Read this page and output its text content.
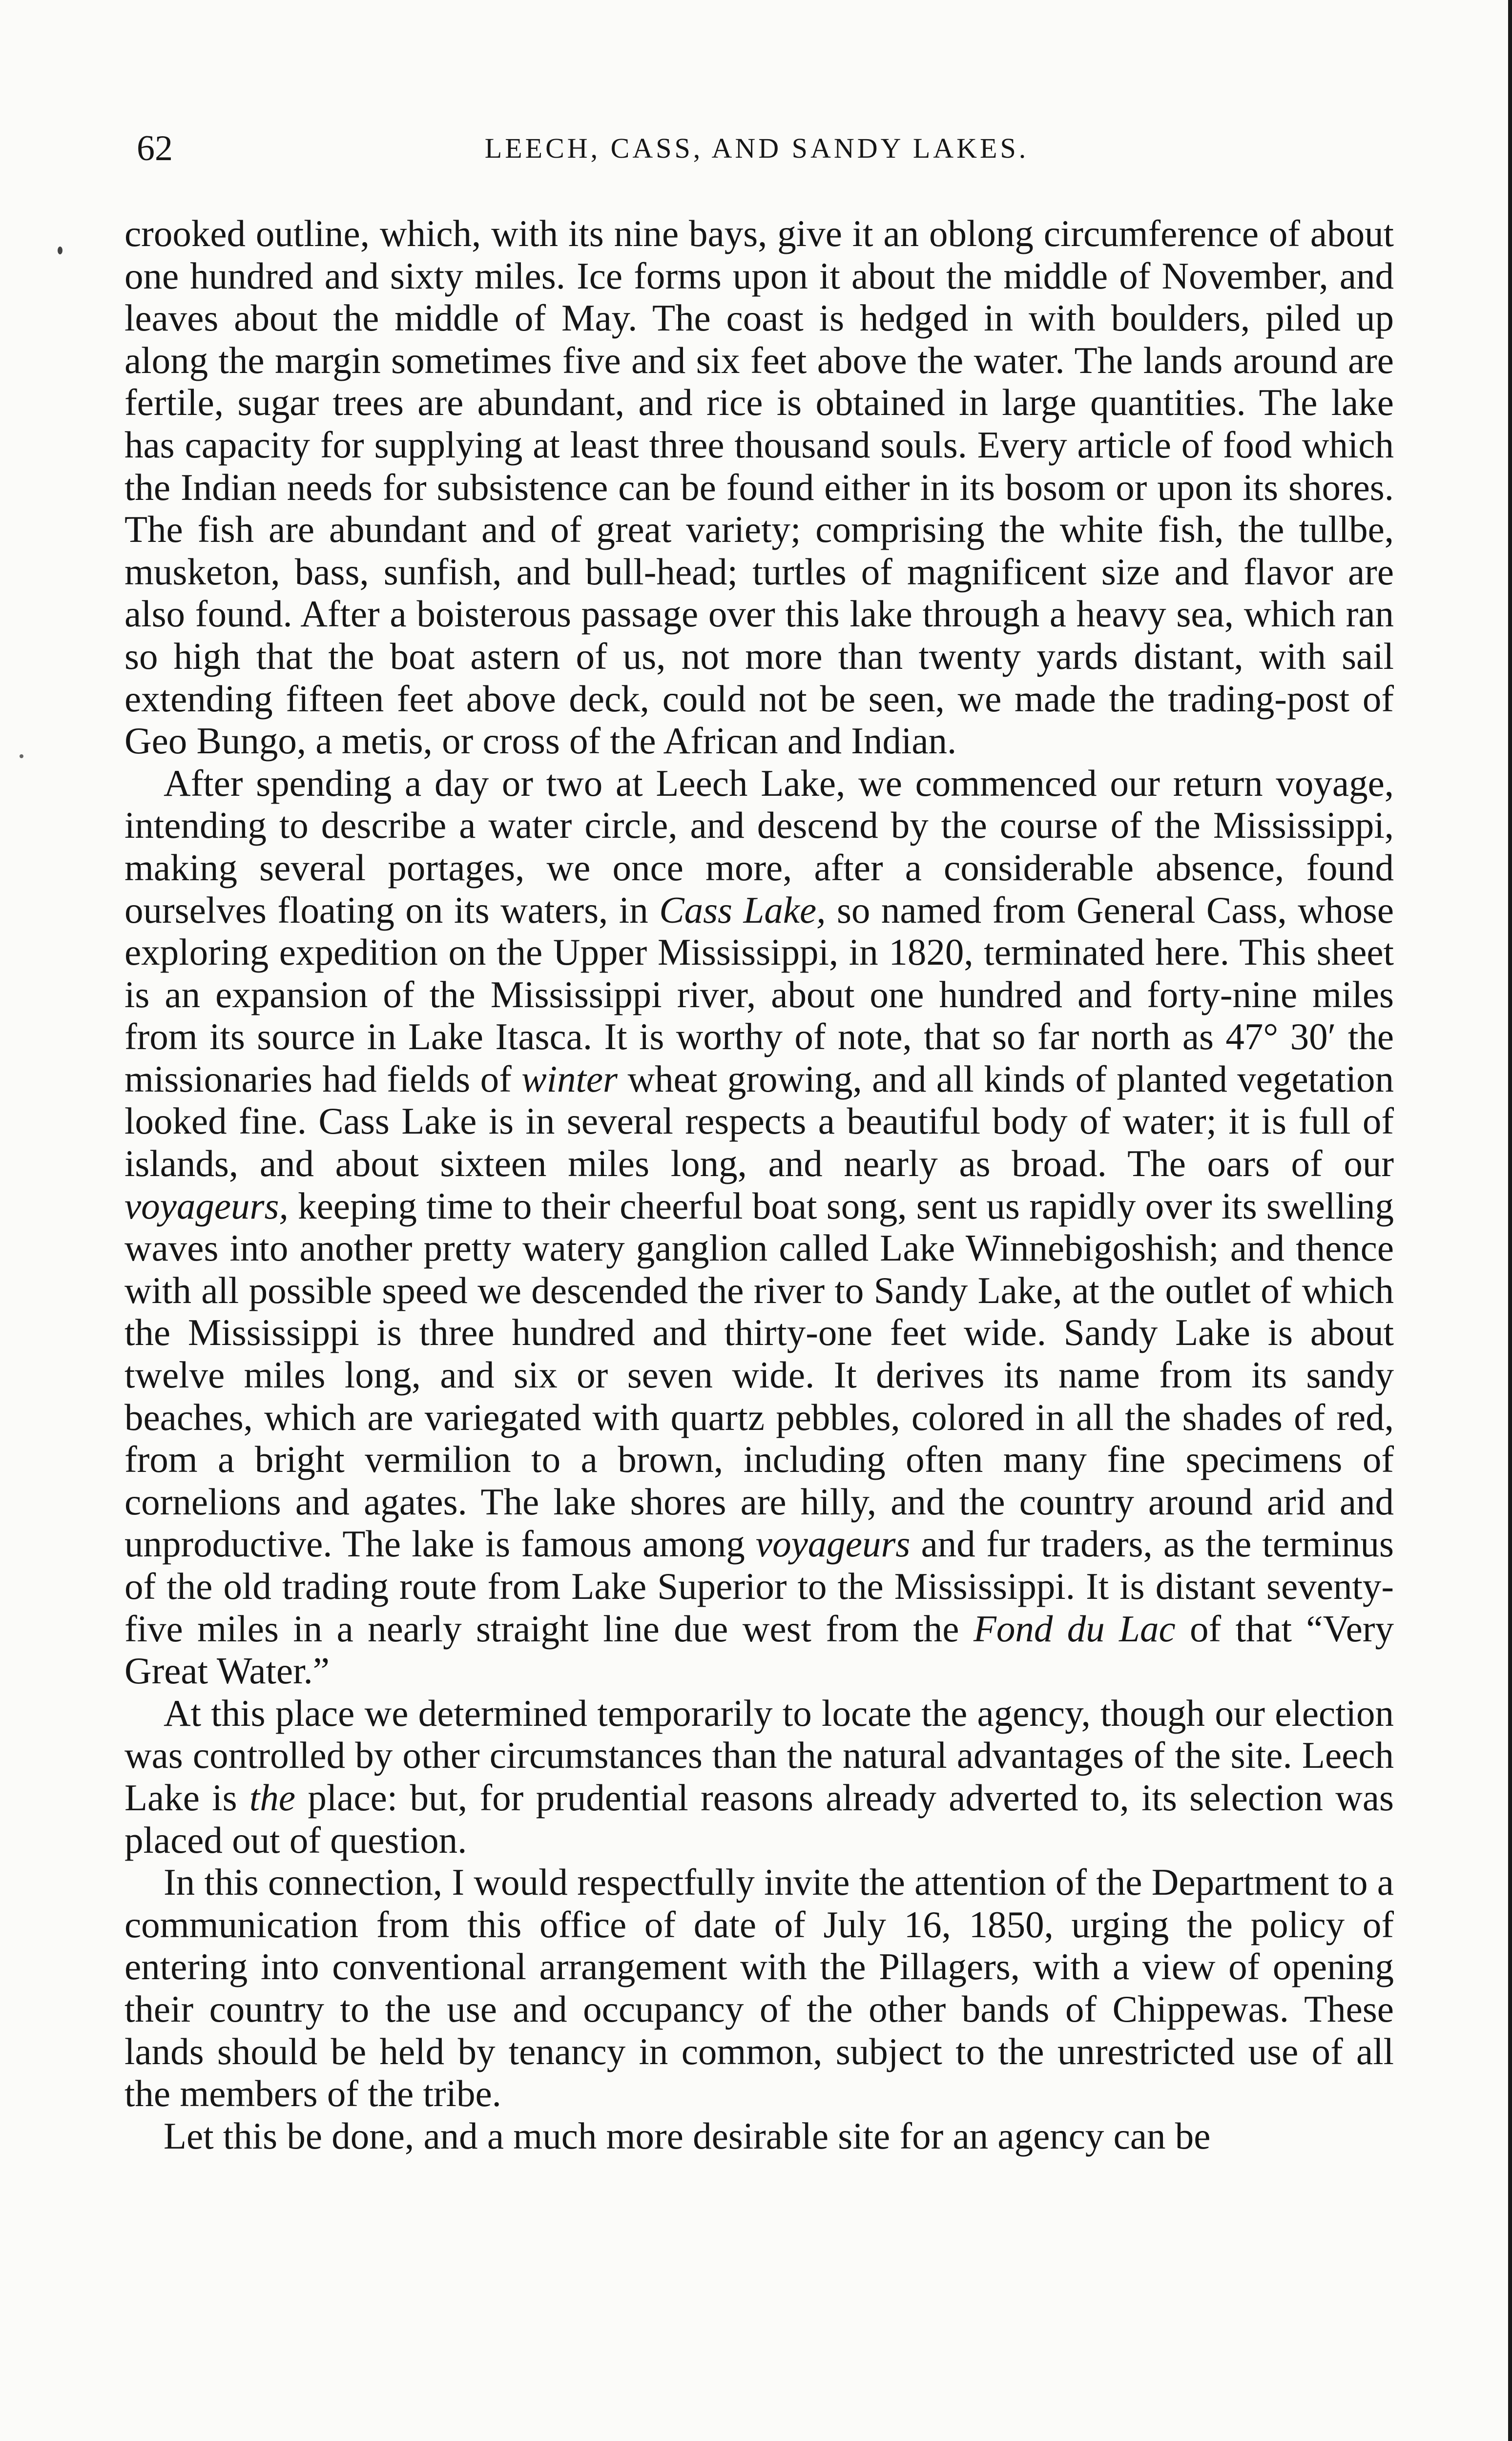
62	LEECH, CASS, AND SANDY LAKES.

crooked outline, which, with its nine bays, give it an oblong circumference of about one hundred and sixty miles. Ice forms upon it about the middle of November, and leaves about the middle of May. The coast is hedged in with boulders, piled up along the margin sometimes five and six feet above the water. The lands around are fertile, sugar trees are abundant, and rice is obtained in large quantities. The lake has capacity for supplying at least three thousand souls. Every article of food which the Indian needs for subsistence can be found either in its bosom or upon its shores. The fish are abundant and of great variety; comprising the white fish, the tullbe, musketon, bass, sunfish, and bull-head; turtles of magnificent size and flavor are also found. After a boisterous passage over this lake through a heavy sea, which ran so high that the boat astern of us, not more than twenty yards distant, with sail extending fifteen feet above deck, could not be seen, we made the trading-post of Geo Bungo, a metis, or cross of the African and Indian.

After spending a day or two at Leech Lake, we commenced our return voyage, intending to describe a water circle, and descend by the course of the Mississippi, making several portages, we once more, after a considerable absence, found ourselves floating on its waters, in Cass Lake, so named from General Cass, whose exploring expedition on the Upper Mississippi, in 1820, terminated here. This sheet is an expansion of the Mississippi river, about one hundred and forty-nine miles from its source in Lake Itasca. It is worthy of note, that so far north as 47° 30′ the missionaries had fields of winter wheat growing, and all kinds of planted vegetation looked fine. Cass Lake is in several respects a beautiful body of water; it is full of islands, and about sixteen miles long, and nearly as broad. The oars of our voyageurs, keeping time to their cheerful boat song, sent us rapidly over its swelling waves into another pretty watery ganglion called Lake Winnebigoshish; and thence with all possible speed we descended the river to Sandy Lake, at the outlet of which the Mississippi is three hundred and thirty-one feet wide. Sandy Lake is about twelve miles long, and six or seven wide. It derives its name from its sandy beaches, which are variegated with quartz pebbles, colored in all the shades of red, from a bright vermilion to a brown, including often many fine specimens of cornelions and agates. The lake shores are hilly, and the country around arid and unproductive. The lake is famous among voyageurs and fur traders, as the terminus of the old trading route from Lake Superior to the Mississippi. It is distant seventy-five miles in a nearly straight line due west from the Fond du Lac of that “Very Great Water.”

At this place we determined temporarily to locate the agency, though our election was controlled by other circumstances than the natural advantages of the site. Leech Lake is the place: but, for prudential reasons already adverted to, its selection was placed out of question.

In this connection, I would respectfully invite the attention of the Department to a communication from this office of date of July 16, 1850, urging the policy of entering into conventional arrangement with the Pillagers, with a view of opening their country to the use and occupancy of the other bands of Chippewas. These lands should be held by tenancy in common, subject to the unrestricted use of all the members of the tribe.

Let this be done, and a much more desirable site for an agency can be
